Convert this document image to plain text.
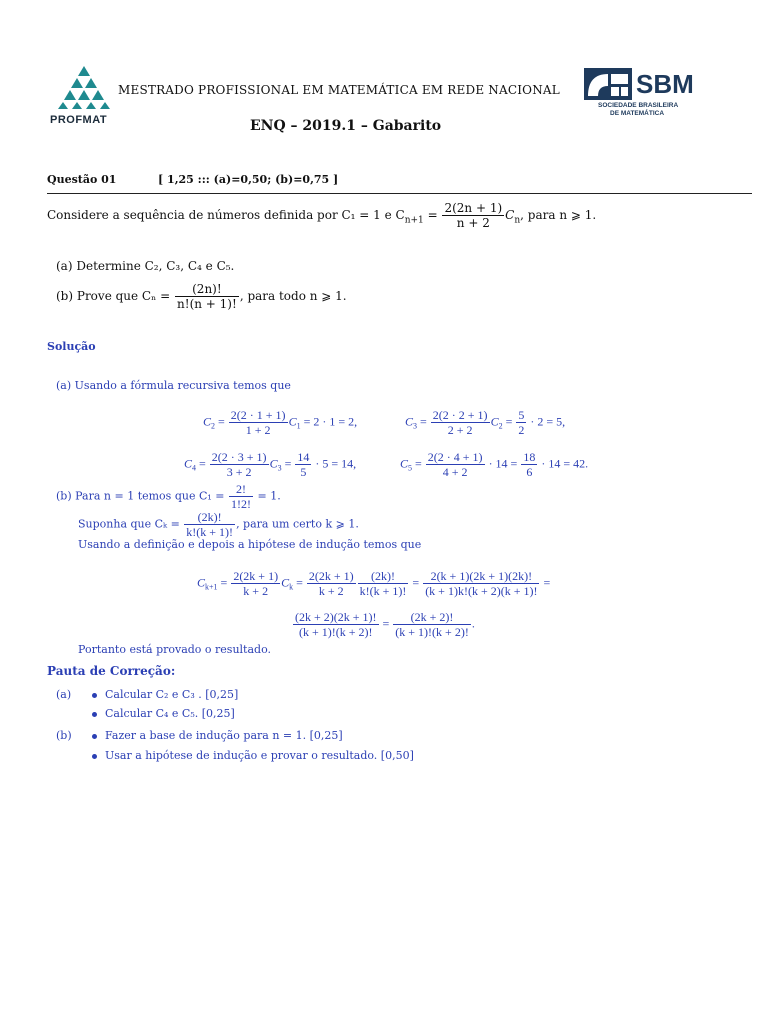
PROFMAT
MESTRADO PROFISSIONAL EM MATEMÁTICA EM REDE NACIONAL
ENQ – 2019.1 – Gabarito
SBM
SOCIEDADE BRASILEIRA
DE MATEMÁTICA
Questão 01	[ 1,25 ::: (a)=0,50; (b)=0,75 ]
Considere a sequência de números definida por C₁ = 1 e $C_{n+1} = \frac{2(2n + 1)}{n + 2} C_n$, para n ⩾ 1.
(a) Determine C₂, C₃, C₄ e C₅.
(b) Prove que $C_n = \frac{(2n)!}{n!(n + 1)!}$ , para todo n ⩾ 1.
Solução
(a) Usando a fórmula recursiva temos que
$C_2 = \frac{2(2 \cdot 1 + 1)}{1 + 2} C_1 = 2 \cdot 1 = 2$,	$C_3 = \frac{2(2 \cdot 2 + 1)}{2 + 2} C_2 = \frac{5}{2} \cdot 2 = 5$,
$C_4 = \frac{2(2 \cdot 3 + 1)}{3 + 2} C_3 = \frac{14}{5} \cdot 5 = 14$,	$C_5 = \frac{2(2 \cdot 4 + 1)}{4 + 2} \cdot 14 = \frac{18}{6} \cdot 14 = 42$.
(b) Para n = 1 temos que $C_1 = \frac{2!}{1!2!} = 1$.
Suponha que $C_k = \frac{(2k)!}{k!(k + 1)!}$ , para um certo k ⩾ 1.
Usando a definição e depois a hipótese de indução temos que
$C_{k+1} = \frac{2(2k + 1)}{k + 2} C_k = \frac{2(2k + 1)}{k + 2} \frac{(2k)!}{k!(k + 1)!} = \frac{2(k + 1)(2k + 1)(2k)!}{(k + 1)k!(k + 2)(k + 1)!}$ =
$\frac{(2k + 2)(2k + 1)!}{(k + 1)!(k + 2)!} = \frac{(2k + 2)!}{(k + 1)!(k + 2)!}$ .
Portanto está provado o resultado.
Pauta de Correção:
(a)	Calcular C₂ e C₃ . [0,25]
Calcular C₄ e C₅. [0,25]
(b)	Fazer a base de indução para n = 1. [0,25]
Usar a hipótese de indução e provar o resultado. [0,50]
